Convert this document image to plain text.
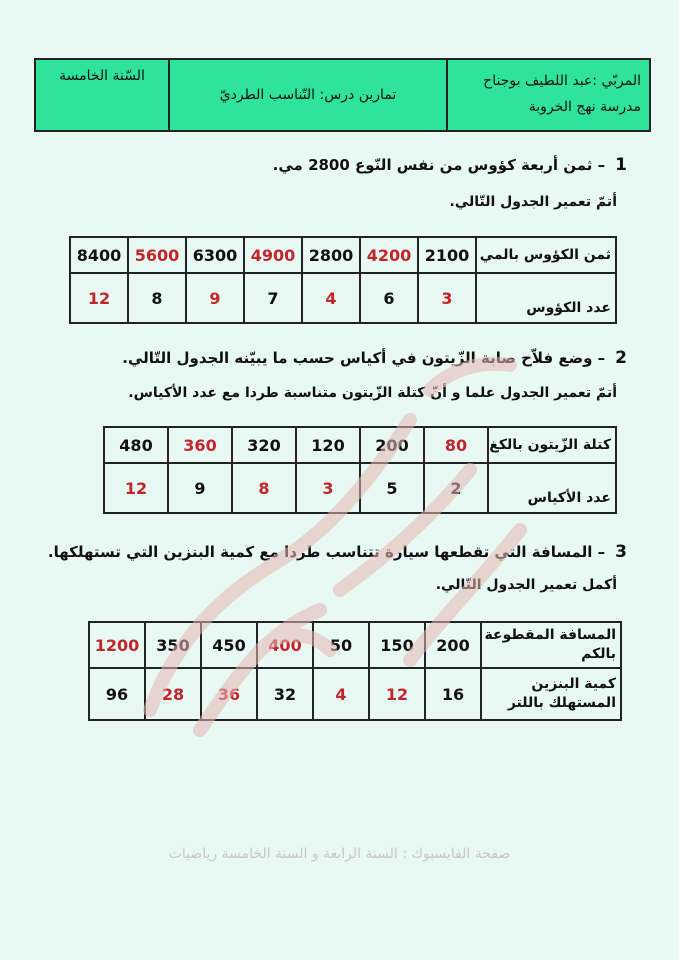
السّنة الخامسة
تمارين درس: التّناسب الطرديّ
المربّي :عبد اللطيف بوجناح
مدرسة نهج الخروبة
1– ثمن أربعة كؤوس من نفس النّوع 2800 مي.
أتمّ تعمير الجدول التّالي.
8400	5600	6300	4900	2800	4200	2100	ثمن الكؤوس بالمي
12	8	9	7	4	6	3	عدد الكؤوس
2– وضع فلاّح صابة الزّيتون في أكياس حسب ما يبيّنه الجدول التّالي.
أتمّ تعمير الجدول علما و أنّ كتلة الزّيتون متناسبة طردا مع عدد الأكياس.
480	360	320	120	200	80	كتلة الزّيتون بالكغ
12	9	8	3	5	2	عدد الأكياس
3– المسافة التي تقطعها سيارة تتناسب طردا مع كمية البنزين التي تستهلكها.
أكمل تعمير الجدول التّالي.
1200	350	450	400	50	150	200	المسافة المقطوعة
بالكم

96	28	36	32	4	12	16	كمية البنزين
المستهلك باللتر
صفحة الفايسبوك : السنة الرابعة و السنة الخامسة رياضيات
